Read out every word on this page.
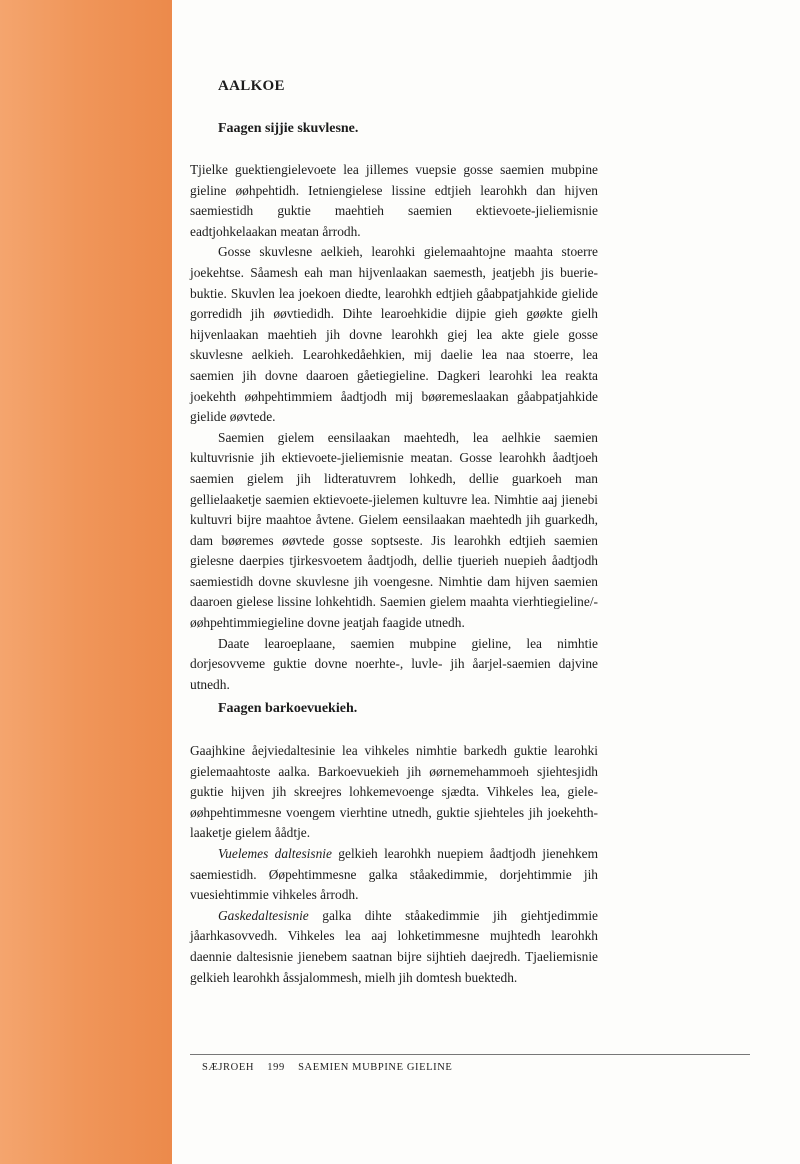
AALKOE
Faagen sijjie skuvlesne.

Tjielke guektiengielevoete lea jillemes vuepsie gosse saemien mubpine gieline øøhpehtidh. Ietniengielese lissine edtjieh learohkh dan hijven saemiestidh guktie maehtieh saemien ektievoete-jieliemisnie eadtjohkelaakan meatan årrodh.

Gosse skuvlesne aelkieh, learohki gielemaahtojne maahta stoerre joekehtse. Såamesh eah man hijvenlaakan saemesth, jeatjebh jis buerie-buktie. Skuvlen lea joekoen diedte, learohkh edtjieh gåabpatjahkide gielide gorredidh jih øøvtiedidh. Dihte learoehkidie dijpie gieh gøøkte gielh hijvenlaakan maehtieh jih dovne learohkh giej lea akte giele gosse skuvlesne aelkieh. Learohkedåehkien, mij daelie lea naa stoerre, lea saemien jih dovne daaroen gåetiegieline. Dagkeri learohki lea reakta joekehth øøhpehtimmiem åadtjodh mij bøøremeslaakan gåabpatjahkide gielide øøvtede.

Saemien gielem eensilaakan maehtedh, lea aelhkie saemien kultuvrisnie jih ektievoete-jieliemisnie meatan. Gosse learohkh åadtjoeh saemien gielem jih lidteratuvrem lohkedh, dellie guarkoeh man gellielaaketje saemien ektievoete-jielemen kultuvre lea. Nimhtie aaj jienebi kultuvri bijre maahtoe åvtene. Gielem eensilaakan maehtedh jih guarkedh, dam bøøremes øøvtede gosse soptseste. Jis learohkh edtjieh saemien gielesne daerpies tjirkesvoetem åadtjodh, dellie tjuerieh nuepieh åadtjodh saemiestidh dovne skuvlesne jih voengesne. Nimhtie dam hijven saemien daaroen gielese lissine lohkehtidh. Saemien gielem maahta vierhtiegieline/-øøhpehtimmiegieline dovne jeatjah faagide utnedh.

Daate learoeplaane, saemien mubpine gieline, lea nimhtie dorjesovveme guktie dovne noerhte-, luvle- jih åarjel-saemien dajvine utnedh.

Faagen barkoevuekieh.

Gaajhkine åejviedaltesinie lea vihkeles nimhtie barkedh guktie learohki gielemaahtoste aalka. Barkoevuekieh jih øørnemehammoeh sjiehtesjidh guktie hijven jih skreejres lohkemevoenge sjædta. Vihkeles lea, giele-øøhpehtimmesne voengem vierhtine utnedh, guktie sjiehteles jih joekehth-laaketje gielem åådtje.

Vuelemes daltesisnie gelkieh learohkh nuepiem åadtjodh jienehkem saemiestidh. Øøpehtimmesne galka ståakedimmie, dorjehtimmie jih vuesiehtimmie vihkeles årrodh.

Gaskedaltesisnie galka dihte ståakedimmie jih giehtjedimmie jåarhkasovvedh. Vihkeles lea aaj lohketimmesne mujhtedh learohkh daennie daltesisnie jienebem saatnan bijre sijhtieh daejredh. Tjaeliemisnie gelkieh learohkh åssjalommesh, mielh jih domtesh buektedh.

SÆJROEH 199 SAEMIEN MUBPINE GIELINE
